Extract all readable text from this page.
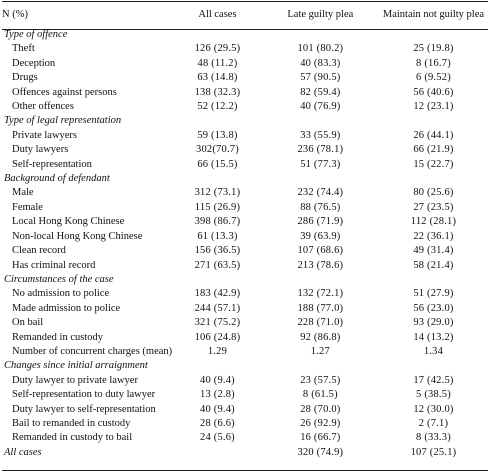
N (%)	All cases	Late guilty plea	Maintain not guilty plea
Type of offence			
Theft	126 (29.5)	101 (80.2)	25 (19.8)
Deception	48 (11.2)	40 (83.3)	8 (16.7)
Drugs	63 (14.8)	57 (90.5)	6 (9.52)
Offences against persons	138 (32.3)	82 (59.4)	56 (40.6)
Other offences	52 (12.2)	40 (76.9)	12 (23.1)
Type of legal representation			
Private lawyers	59 (13.8)	33 (55.9)	26 (44.1)
Duty lawyers	302(70.7)	236 (78.1)	66 (21.9)
Self-representation	66 (15.5)	51 (77.3)	15 (22.7)
Background of defendant			
Male	312 (73.1)	232 (74.4)	80 (25.6)
Female	115 (26.9)	88 (76.5)	27 (23.5)
Local Hong Kong Chinese	398 (86.7)	286 (71.9)	112 (28.1)
Non-local Hong Kong Chinese	61 (13.3)	39 (63.9)	22 (36.1)
Clean record	156 (36.5)	107 (68.6)	49 (31.4)
Has criminal record	271 (63.5)	213 (78.6)	58 (21.4)
Circumstances of the case			
No admission to police	183 (42.9)	132 (72.1)	51 (27.9)
Made admission to police	244 (57.1)	188 (77.0)	56 (23.0)
On bail	321 (75.2)	228 (71.0)	93 (29.0)
Remanded in custody	106 (24.8)	92 (86.8)	14 (13.2)
Number of concurrent charges (mean)	1.29	1.27	1.34
Changes since initial arraignment			
Duty lawyer to private lawyer	40 (9.4)	23 (57.5)	17 (42.5)
Self-representation to duty lawyer	13 (2.8)	8 (61.5)	5 (38.5)
Duty lawyer to self-representation	40 (9.4)	28 (70.0)	12 (30.0)
Bail to remanded in custody	28 (6.6)	26 (92.9)	2 (7.1)
Remanded in custody to bail	24 (5.6)	16 (66.7)	8 (33.3)
All cases		320 (74.9)	107 (25.1)
